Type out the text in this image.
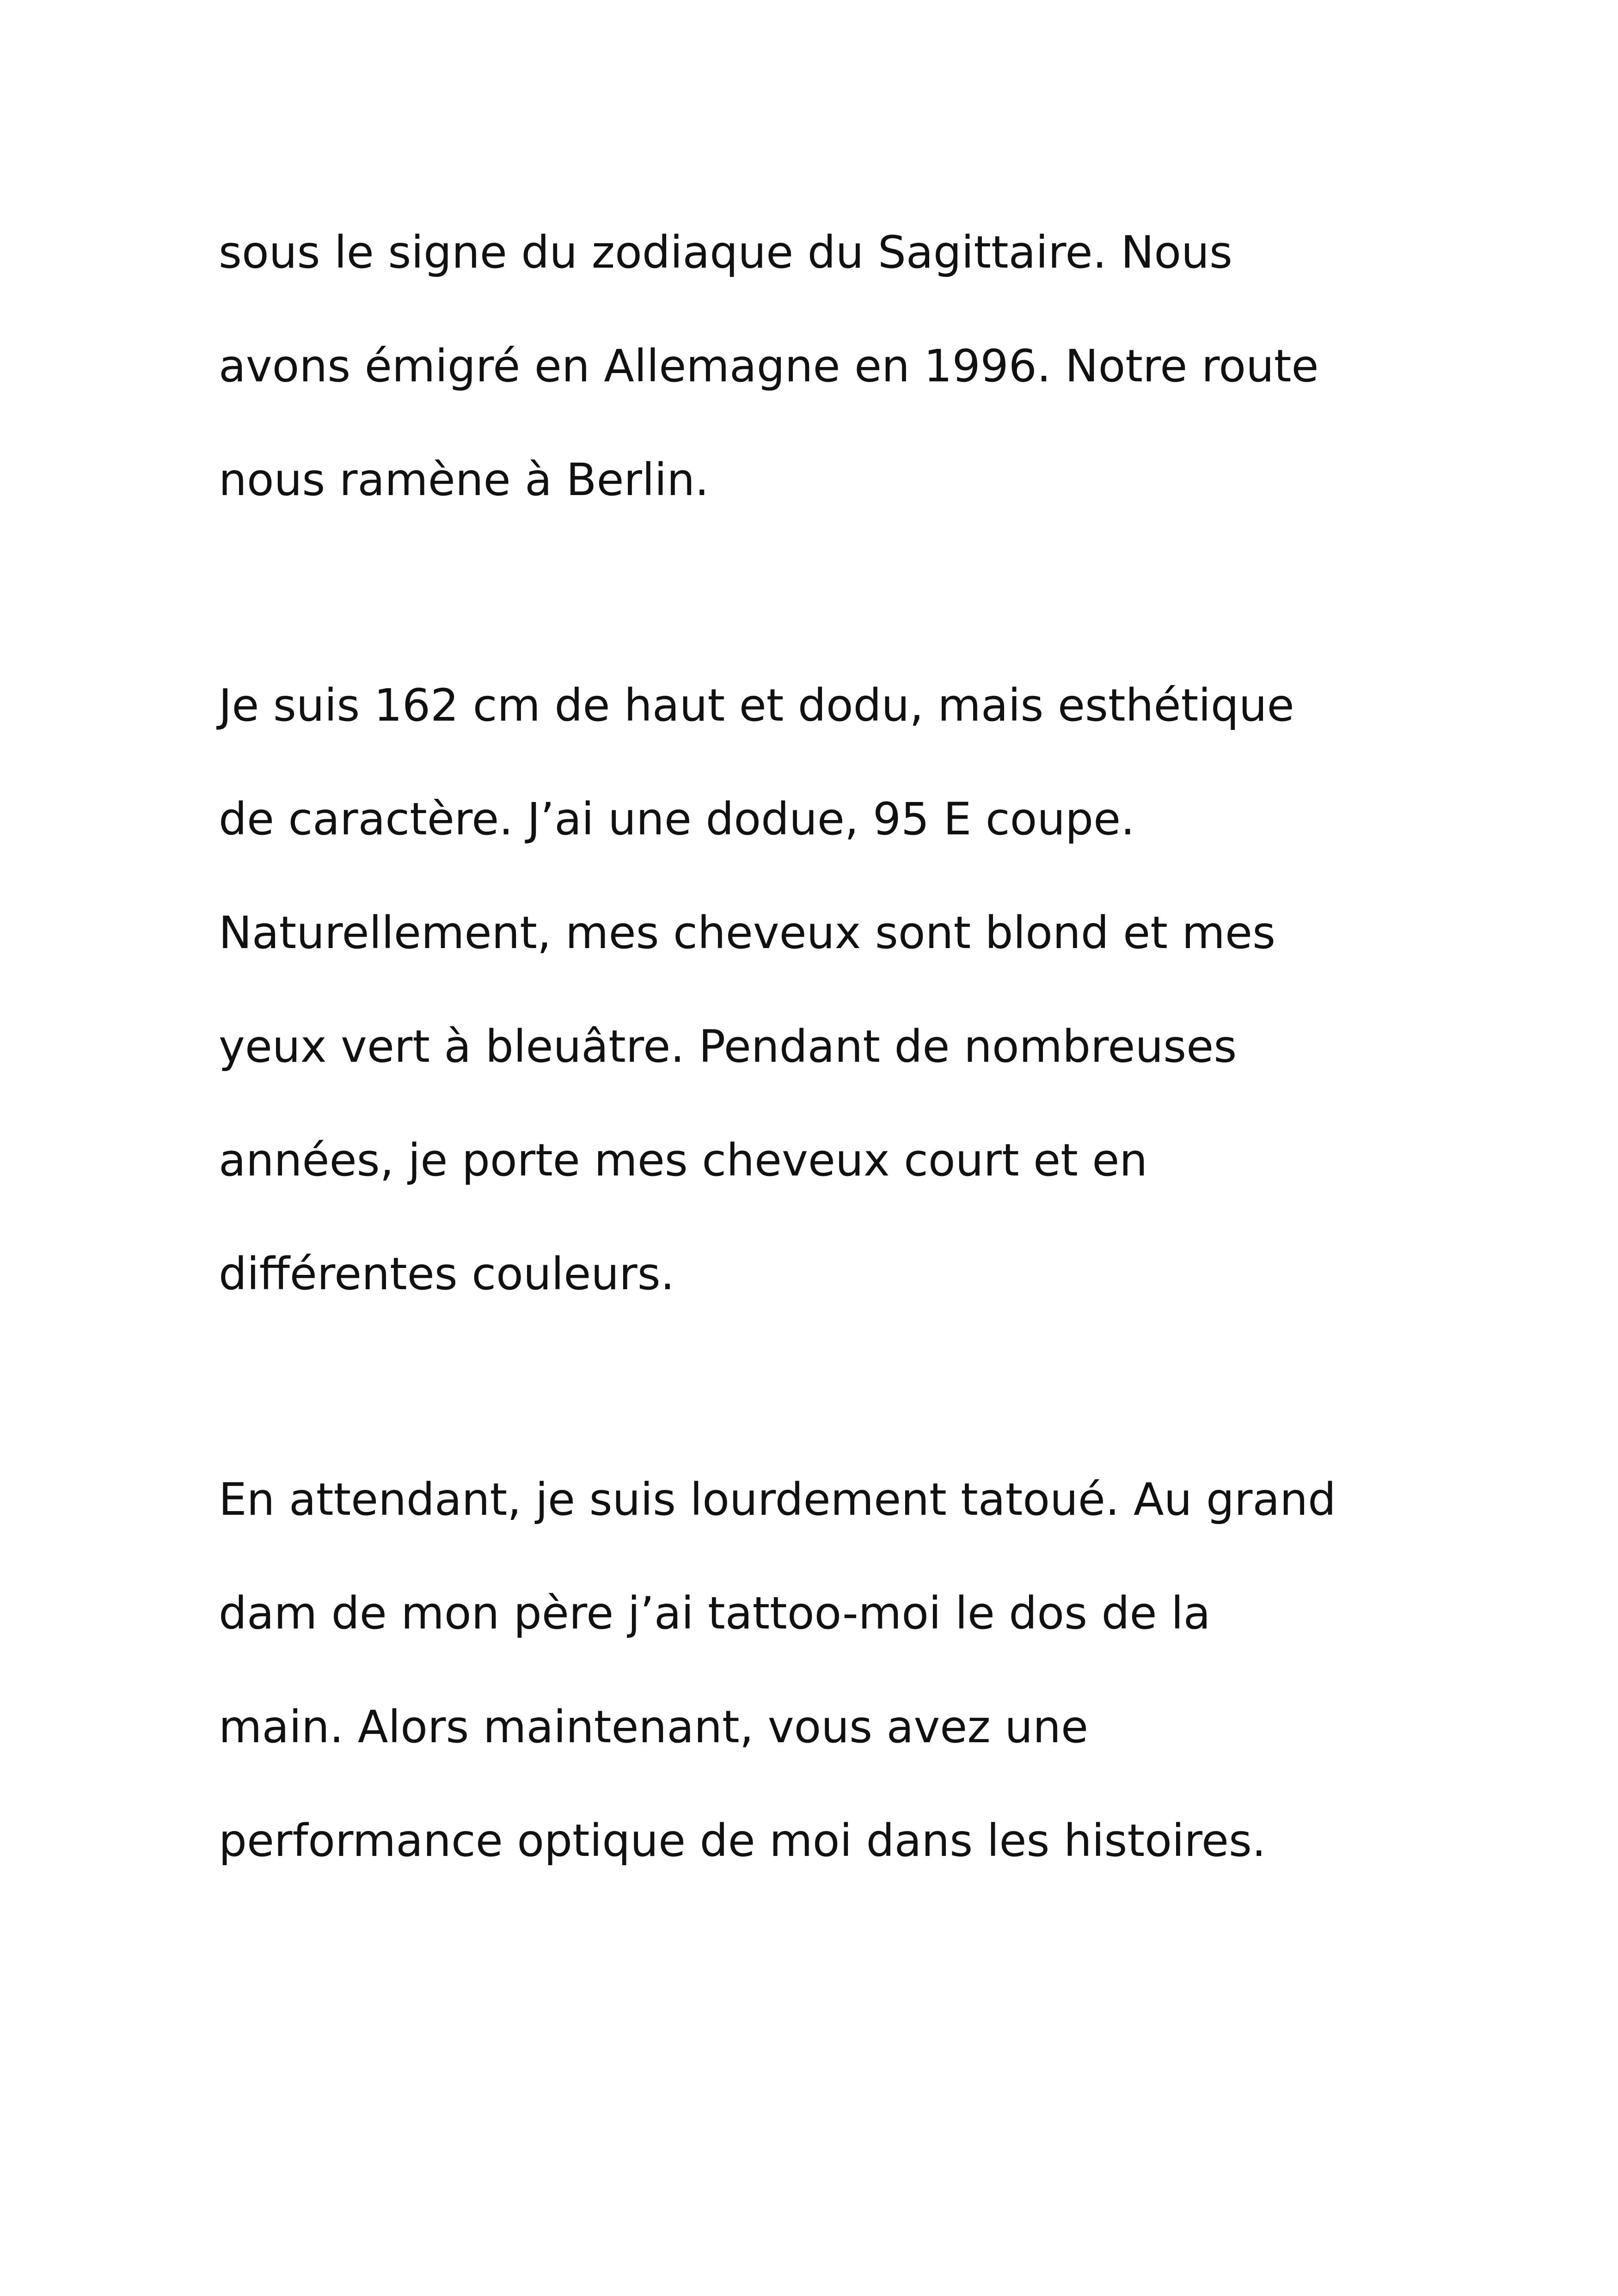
sous le signe du zodiaque du Sagittaire. Nous
avons émigré en Allemagne en 1996. Notre route
nous ramène à Berlin.
Je suis 162 cm de haut et dodu, mais esthétique
de caractère. J’ai une dodue, 95 E coupe.
Naturellement, mes cheveux sont blond et mes
yeux vert à bleuâtre. Pendant de nombreuses
années, je porte mes cheveux court et en
différentes couleurs.
En attendant, je suis lourdement tatoué. Au grand
dam de mon père j’ai tattoo-moi le dos de la
main. Alors maintenant, vous avez une
performance optique de moi dans les histoires.
